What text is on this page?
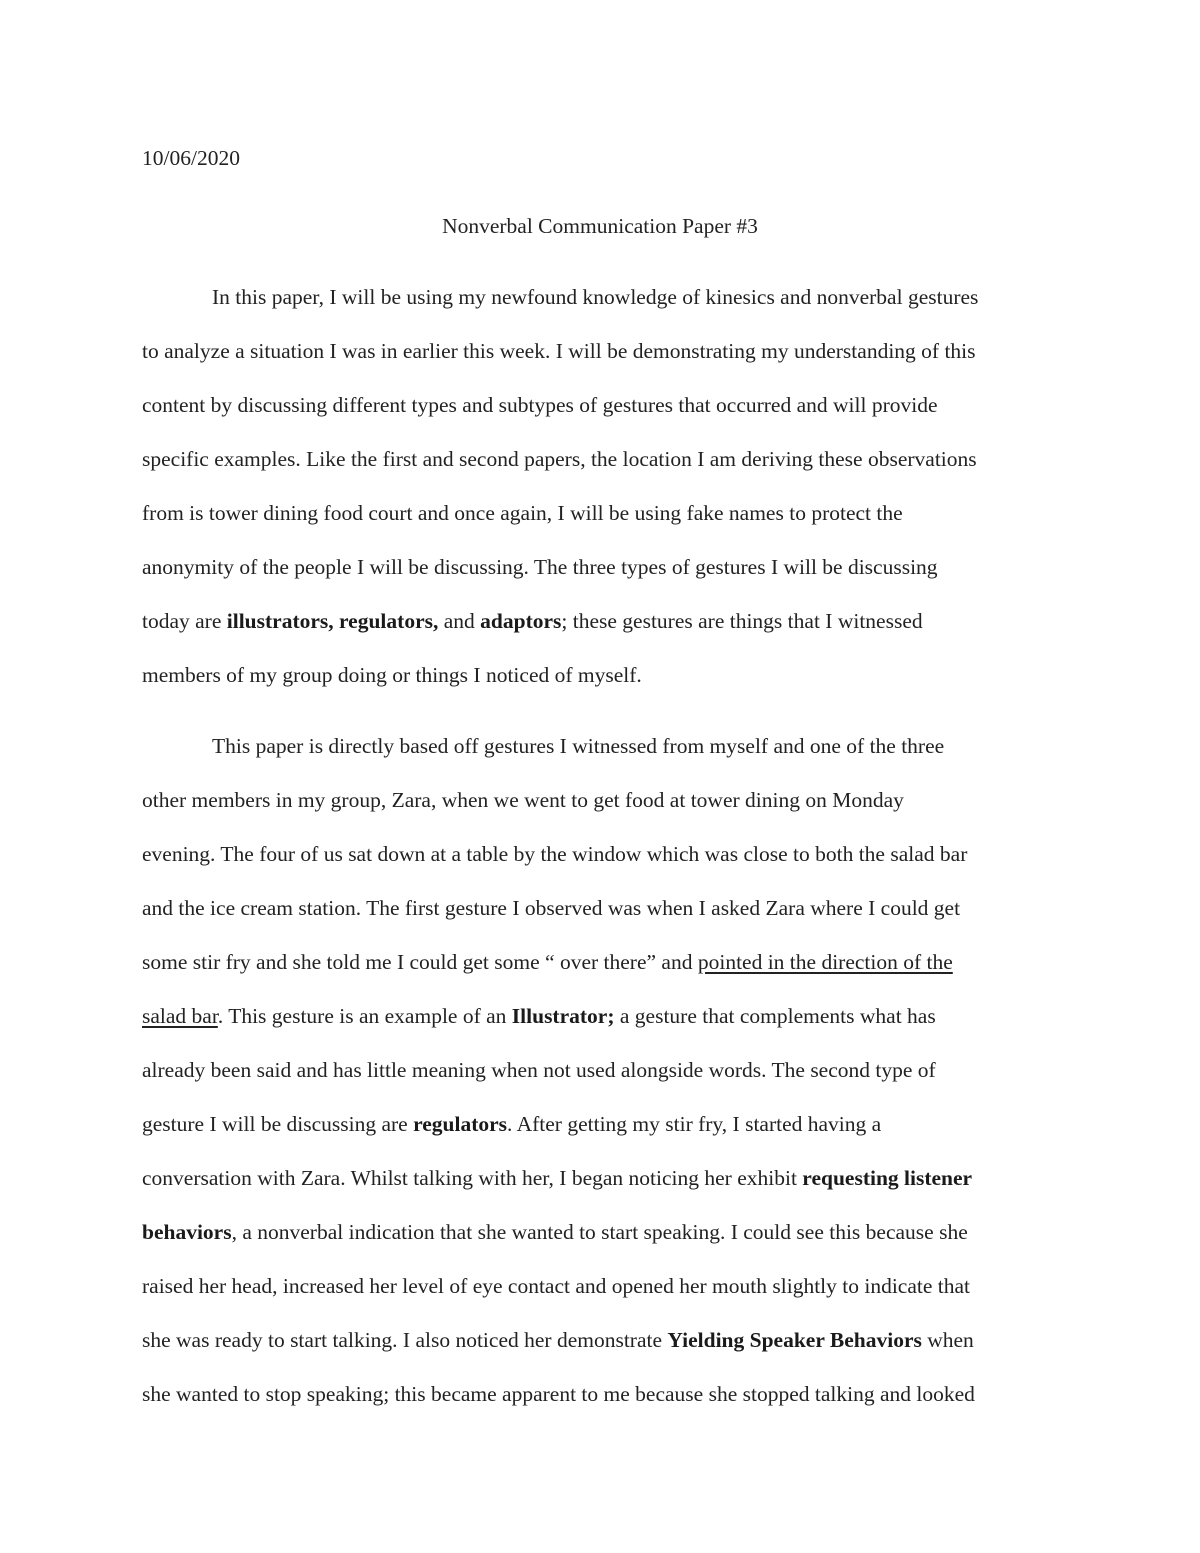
10/06/2020

Nonverbal Communication Paper #3

In this paper, I will be using my newfound knowledge of kinesics and nonverbal gestures

to analyze a situation I was in earlier this week. I will be demonstrating my understanding of this

content by discussing different types and subtypes of gestures that occurred and will provide

specific examples. Like the first and second papers, the location I am deriving these observations

from is tower dining food court and once again, I will be using fake names to protect the

anonymity of the people I will be discussing. The three types of gestures I will be discussing

today are illustrators, regulators, and adaptors; these gestures are things that I witnessed

members of my group doing or things I noticed of myself.

This paper is directly based off gestures I witnessed from myself and one of the three

other members in my group, Zara, when we went to get food at tower dining on Monday

evening. The four of us sat down at a table by the window which was close to both the salad bar

and the ice cream station. The first gesture I observed was when I asked Zara where I could get

some stir fry and she told me I could get some “ over there” and pointed in the direction of the

salad bar. This gesture is an example of an Illustrator; a gesture that complements what has

already been said and has little meaning when not used alongside words. The second type of

gesture I will be discussing are regulators. After getting my stir fry, I started having a

conversation with Zara. Whilst talking with her, I began noticing her exhibit requesting listener

behaviors, a nonverbal indication that she wanted to start speaking. I could see this because she

raised her head, increased her level of eye contact and opened her mouth slightly to indicate that

she was ready to start talking. I also noticed her demonstrate Yielding Speaker Behaviors when

she wanted to stop speaking; this became apparent to me because she stopped talking and looked
